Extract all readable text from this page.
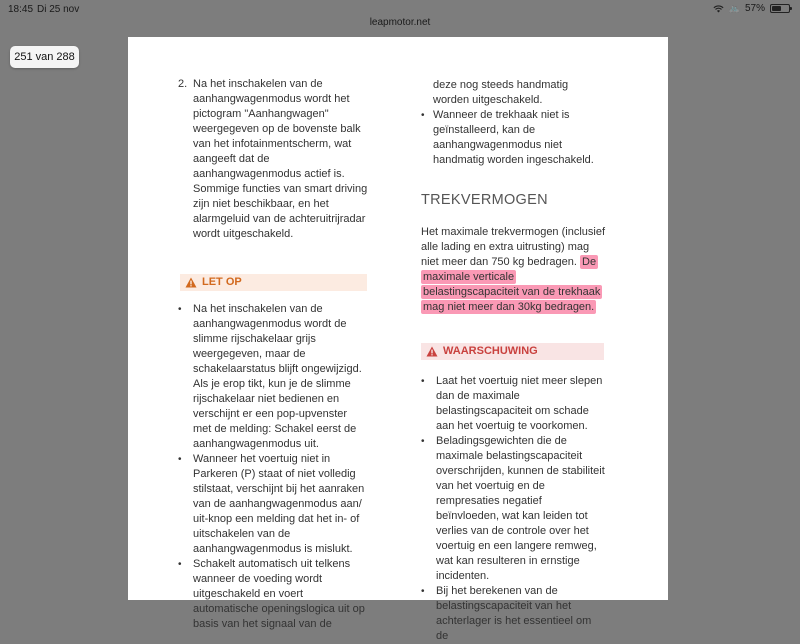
18:45 Di 25 nov	🚲 57%
leapmotor.net
251 van 288
2. Na het inschakelen van de aanhangwagenmodus wordt het pictogram "Aanhangwagen" weergegeven op de bovenste balk van het infotainmentscherm, wat aangeeft dat de aanhangwagenmodus actief is. Sommige functies van smart driving zijn niet beschikbaar, en het alarmgeluid van de achteruitrijradar wordt uitgeschakeld.
LET OP
• Na het inschakelen van de aanhangwagenmodus wordt de slimme rijschakelaar grijs weergegeven, maar de schakelaarstatus blijft ongewijzigd. Als je erop tikt, kun je de slimme rijschakelaar niet bedienen en verschijnt er een pop-upvenster met de melding: Schakel eerst de aanhangwagenmodus uit.
• Wanneer het voertuig niet in Parkeren (P) staat of niet volledig stilstaat, verschijnt bij het aanraken van de aanhangwagenmodus aan/ uit-knop een melding dat het in- of uitschakelen van de aanhangwagenmodus is mislukt.
• Schakelt automatisch uit telkens wanneer de voeding wordt uitgeschakeld en voert automatische openingslogica uit op basis van het signaal van de
deze nog steeds handmatig worden uitgeschakeld.
• Wanneer de trekhaak niet is geïnstalleerd, kan de aanhangwagenmodus niet handmatig worden ingeschakeld.
TREKVERMOGEN

Het maximale trekvermogen (inclusief alle lading en extra uitrusting) mag niet meer dan 750 kg bedragen. De maximale verticale belastingscapaciteit van de trekhaak mag niet meer dan 30kg bedragen.

WAARSCHUWING
• Laat het voertuig niet meer slepen dan de maximale belastingscapaciteit om schade aan het voertuig te voorkomen.
• Beladingsgewichten die de maximale belastingscapaciteit overschrijden, kunnen de stabiliteit van het voertuig en de rempresaties negatief beïnvloeden, wat kan leiden tot verlies van de controle over het voertuig en een langere remweg, wat kan resulteren in ernstige incidenten.
• Bij het berekenen van de belastingscapaciteit van het achterlager is het essentieel om de
